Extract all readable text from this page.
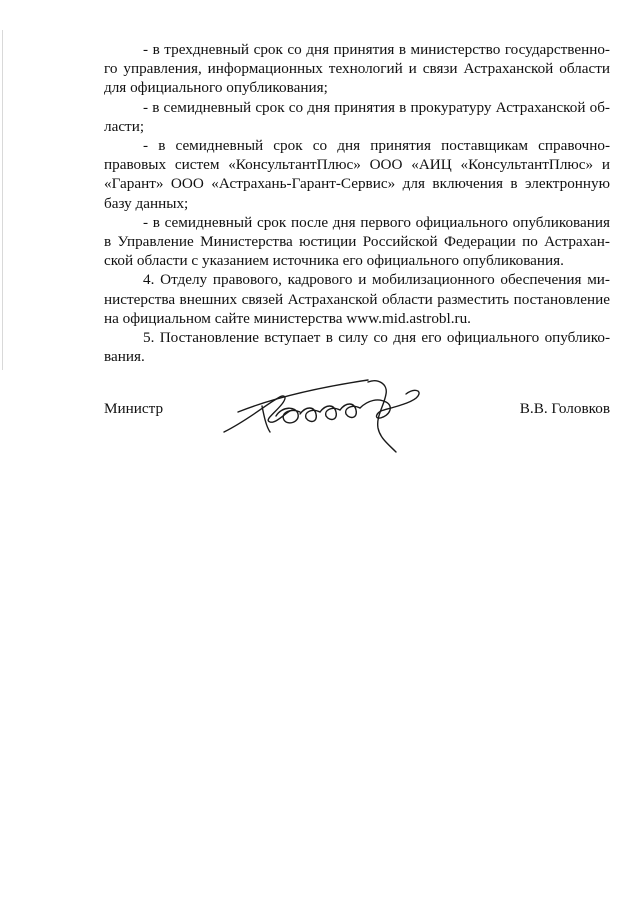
- в трехдневный срок со дня принятия в министерство государственно-го управления, информационных технологий и связи Астраханской области для официального опубликования;

- в семидневный срок со дня принятия в прокуратуру Астраханской об-ласти;

- в семидневный срок со дня принятия поставщикам справочно-правовых систем «КонсультантПлюс» ООО «АИЦ «КонсультантПлюс» и «Гарант» ООО «Астрахань-Гарант-Сервис» для включения в электронную базу данных;

- в семидневный срок после дня первого официального опубликования в Управление Министерства юстиции Российской Федерации по Астрахан-ской области с указанием источника его официального опубликования.

4. Отделу правового, кадрового и мобилизационного обеспечения ми-нистерства внешних связей Астраханской области разместить постановление на официальном сайте министерства www.mid.astrobl.ru.

5. Постановление вступает в силу со дня его официального опублико-вания.

Министр	В.В. Головков
